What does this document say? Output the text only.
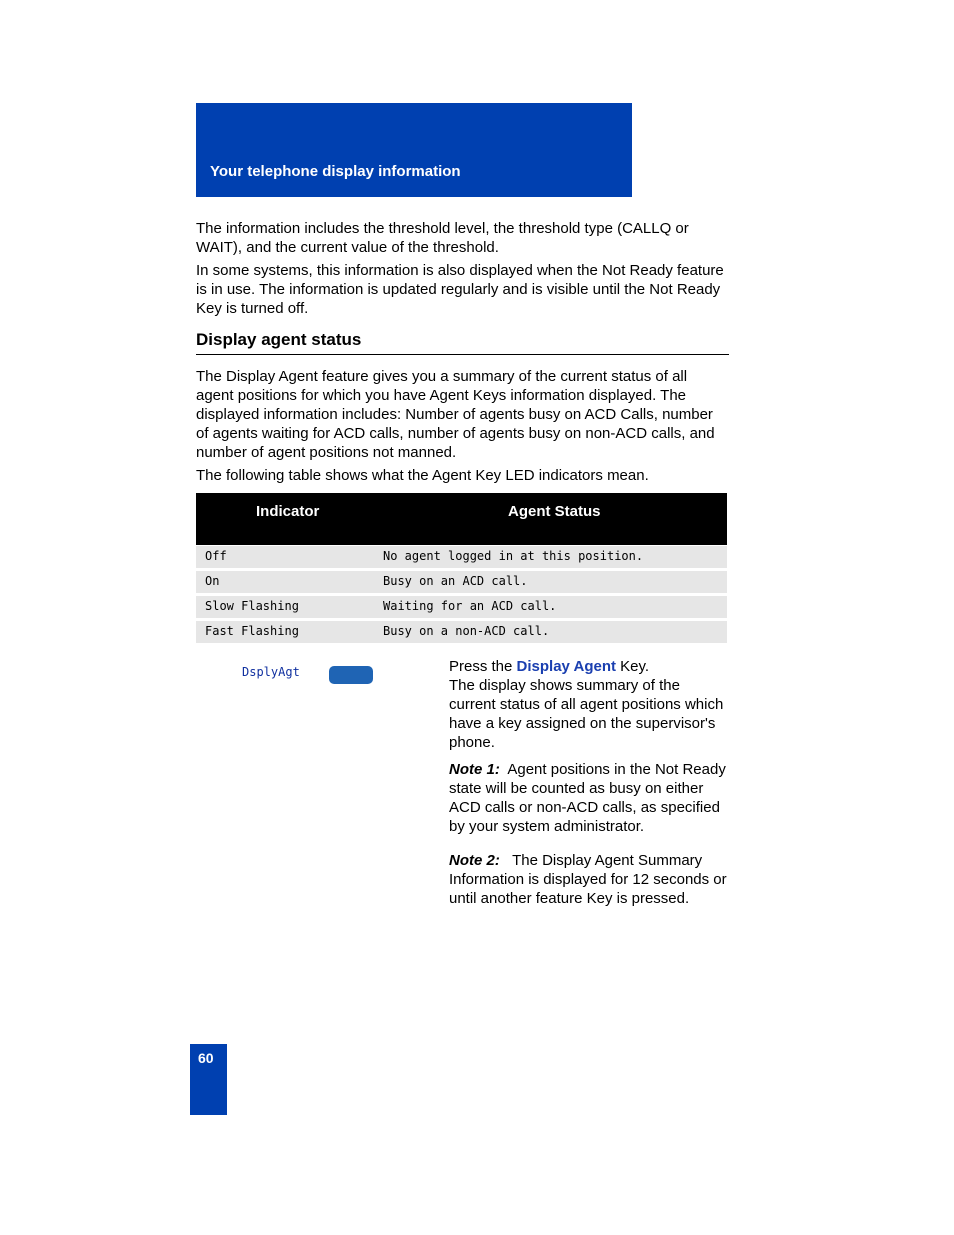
Your telephone display information

The information includes the threshold level, the threshold type (CALLQ or WAIT), and the current value of the threshold.

In some systems, this information is also displayed when the Not Ready feature is in use. The information is updated regularly and is visible until the Not Ready Key is turned off.

Display agent status

The Display Agent feature gives you a summary of the current status of all agent positions for which you have Agent Keys information displayed. The displayed information includes: Number of agents busy on ACD Calls, number of agents waiting for ACD calls, number of agents busy on non-ACD calls, and number of agent positions not manned.

The following table shows what the Agent Key LED indicators mean.

Indicator	Agent Status
Off	No agent logged in at this position.
On	Busy on an ACD call.
Slow Flashing	Waiting for an ACD call.
Fast Flashing	Busy on a non-ACD call.
DsplyAgt	Press the Display Agent Key.
The display shows summary of the current status of all agent positions which have a key assigned on the supervisor's phone.
Note 1: Agent positions in the Not Ready state will be counted as busy on either ACD calls or non-ACD calls, as specified by your system administrator.
Note 2: The Display Agent Summary Information is displayed for 12 seconds or until another feature Key is pressed.
60
